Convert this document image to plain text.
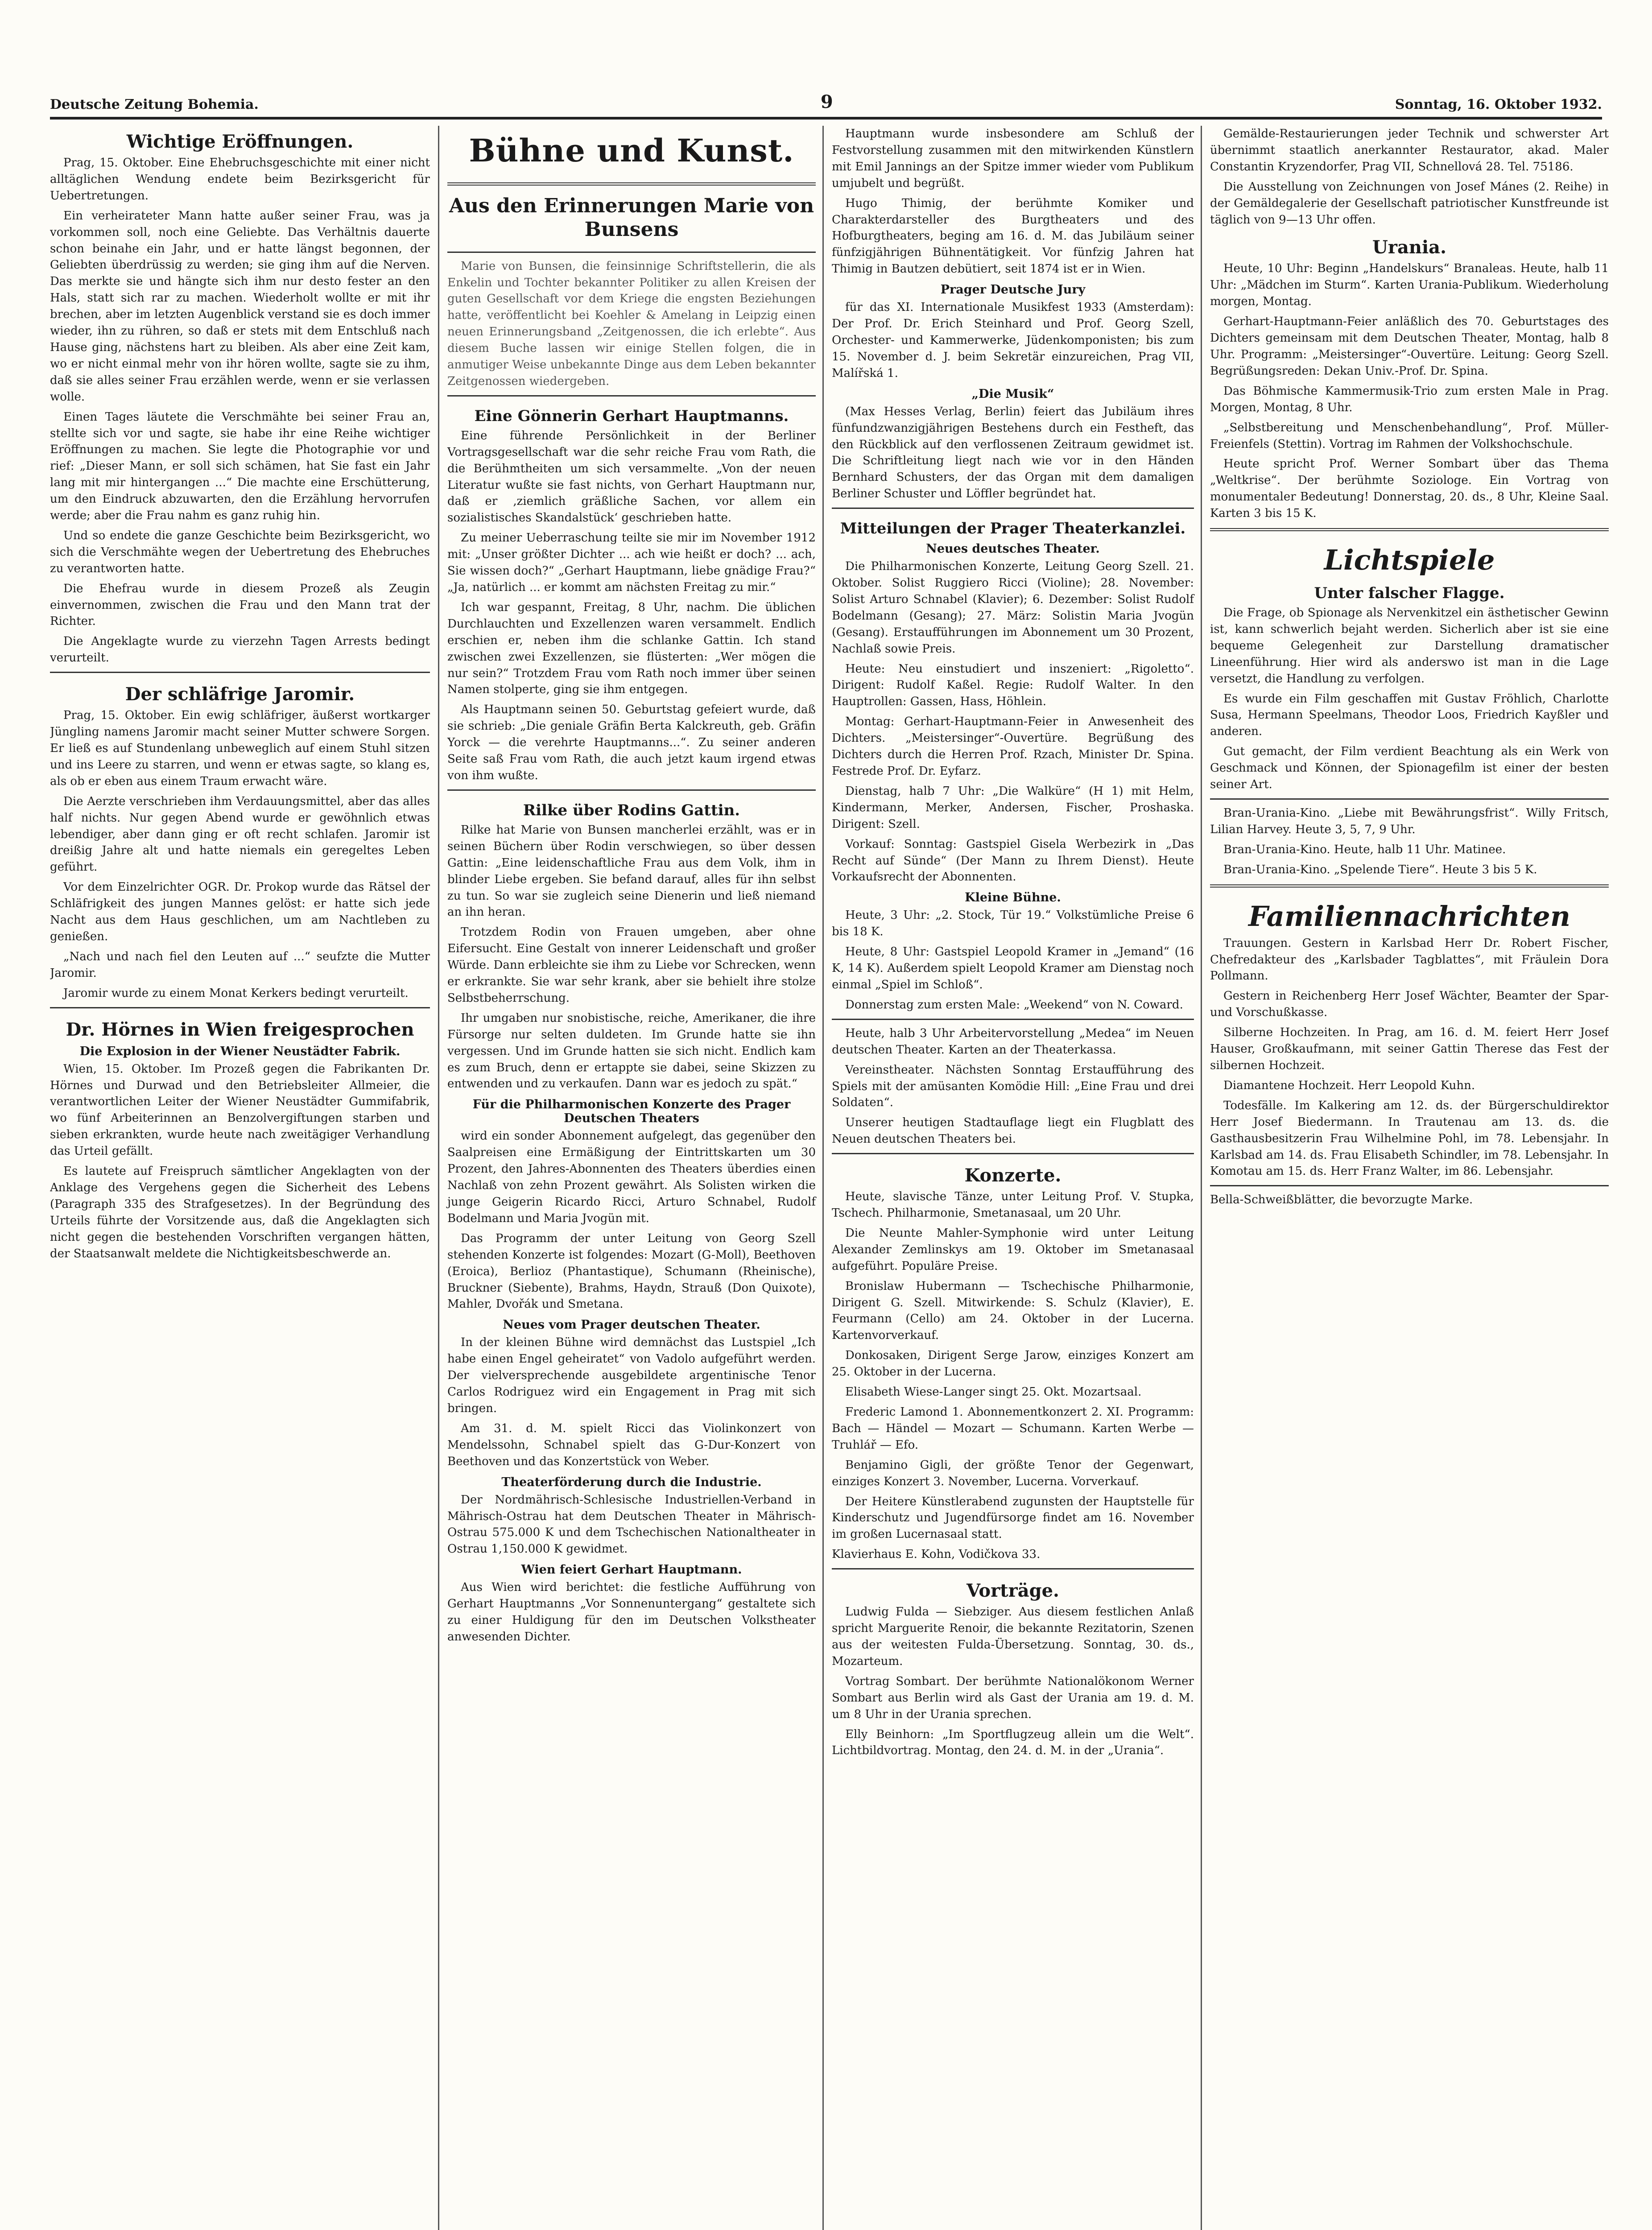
Deutsche Zeitung Bohemia.	9	Sonntag, 16. Oktober 1932.
Wichtige Eröffnungen.

Prag, 15. Oktober. Eine Ehebruchsgeschichte mit einer nicht alltäglichen Wendung endete beim Bezirksgericht für Uebertretungen.

Ein verheirateter Mann hatte außer seiner Frau, was ja vorkommen soll, noch eine Geliebte. Das Verhältnis dauerte schon beinahe ein Jahr, und er hatte längst begonnen, der Geliebten überdrüssig zu werden; sie ging ihm auf die Nerven. Das merkte sie und hängte sich ihm nur desto fester an den Hals, statt sich rar zu machen. Wiederholt wollte er mit ihr brechen, aber im letzten Augenblick verstand sie es doch immer wieder, ihn zu rühren, so daß er stets mit dem Entschluß nach Hause ging, nächstens hart zu bleiben. Als aber eine Zeit kam, wo er nicht einmal mehr von ihr hören wollte, sagte sie zu ihm, daß sie alles seiner Frau erzählen werde, wenn er sie verlassen wolle.

Einen Tages läutete die Verschmähte bei seiner Frau an, stellte sich vor und sagte, sie habe ihr eine Reihe wichtiger Eröffnungen zu machen. Sie legte die Photographie vor und rief: „Dieser Mann, er soll sich schämen, hat Sie fast ein Jahr lang mit mir hintergangen ...“ Die machte eine Erschütterung, um den Eindruck abzuwarten, den die Erzählung hervorrufen werde; aber die Frau nahm es ganz ruhig hin.

Und so endete die ganze Geschichte beim Bezirksgericht, wo sich die Verschmähte wegen der Uebertretung des Ehebruches zu verantworten hatte.

Die Ehefrau wurde in diesem Prozeß als Zeugin einvernommen, zwischen die Frau und den Mann trat der Richter.

Die Angeklagte wurde zu vierzehn Tagen Arrests bedingt verurteilt.

Der schläfrige Jaromir.

Prag, 15. Oktober. Ein ewig schläfriger, äußerst wortkarger Jüngling namens Jaromir macht seiner Mutter schwere Sorgen. Er ließ es auf Stundenlang unbeweglich auf einem Stuhl sitzen und ins Leere zu starren, und wenn er etwas sagte, so klang es, als ob er eben aus einem Traum erwacht wäre.

Die Aerzte verschrieben ihm Verdauungsmittel, aber das alles half nichts. Nur gegen Abend wurde er gewöhnlich etwas lebendiger, aber dann ging er oft recht schlafen. Jaromir ist dreißig Jahre alt und hatte niemals ein geregeltes Leben geführt.

Vor dem Einzelrichter OGR. Dr. Prokop wurde das Rätsel der Schläfrigkeit des jungen Mannes gelöst: er hatte sich jede Nacht aus dem Haus geschlichen, um am Nachtleben zu genießen.

„Nach und nach fiel den Leuten auf ...“ seufzte die Mutter Jaromir.

Jaromir wurde zu einem Monat Kerkers bedingt verurteilt.

Dr. Hörnes in Wien freigesprochen
Die Explosion in der Wiener Neustädter Fabrik.

Wien, 15. Oktober. Im Prozeß gegen die Fabrikanten Dr. Hörnes und Durwad und den Betriebsleiter Allmeier, die verantwortlichen Leiter der Wiener Neustädter Gummifabrik, wo fünf Arbeiterinnen an Benzolvergiftungen starben und sieben erkrankten, wurde heute nach zweitägiger Verhandlung das Urteil gefällt.

Es lautete auf Freispruch sämtlicher Angeklagten von der Anklage des Vergehens gegen die Sicherheit des Lebens (Paragraph 335 des Strafgesetzes). In der Begründung des Urteils führte der Vorsitzende aus, daß die Angeklagten sich nicht gegen die bestehenden Vorschriften vergangen hätten, der Staatsanwalt meldete die Nichtigkeitsbeschwerde an.

Bühne und Kunst.
Aus den Erinnerungen Marie von Bunsens

Marie von Bunsen, die feinsinnige Schriftstellerin, die als Enkelin und Tochter bekannter Politiker zu allen Kreisen der guten Gesellschaft vor dem Kriege die engsten Beziehungen hatte, veröffentlicht bei Koehler & Amelang in Leipzig einen neuen Erinnerungsband „Zeitgenossen, die ich erlebte“. Aus diesem Buche lassen wir einige Stellen folgen, die in anmutiger Weise unbekannte Dinge aus dem Leben bekannter Zeitgenossen wiedergeben.

Eine Gönnerin Gerhart Hauptmanns.

Eine führende Persönlichkeit in der Berliner Vortragsgesellschaft war die sehr reiche Frau vom Rath, die die Berühmtheiten um sich versammelte. „Von der neuen Literatur wußte sie fast nichts, von Gerhart Hauptmann nur, daß er ‚ziemlich gräßliche Sachen, vor allem ein sozialistisches Skandalstück‘ geschrieben hatte.

Zu meiner Ueberraschung teilte sie mir im November 1912 mit: „Unser größter Dichter ... ach wie heißt er doch? ... ach, Sie wissen doch?“ „Gerhart Hauptmann, liebe gnädige Frau?“ „Ja, natürlich ... er kommt am nächsten Freitag zu mir.“

Ich war gespannt, Freitag, 8 Uhr, nachm. Die üblichen Durchlauchten und Exzellenzen waren versammelt. Endlich erschien er, neben ihm die schlanke Gattin. Ich stand zwischen zwei Exzellenzen, sie flüsterten: „Wer mögen die nur sein?“ Trotzdem Frau vom Rath noch immer über seinen Namen stolperte, ging sie ihm entgegen.

Als Hauptmann seinen 50. Geburtstag gefeiert wurde, daß sie schrieb: „Die geniale Gräfin Berta Kalckreuth, geb. Gräfin Yorck — die verehrte Hauptmanns...“. Zu seiner anderen Seite saß Frau vom Rath, die auch jetzt kaum irgend etwas von ihm wußte.

Rilke über Rodins Gattin.

Rilke hat Marie von Bunsen mancherlei erzählt, was er in seinen Büchern über Rodin verschwiegen, so über dessen Gattin: „Eine leidenschaftliche Frau aus dem Volk, ihm in blinder Liebe ergeben. Sie befand darauf, alles für ihn selbst zu tun. So war sie zugleich seine Dienerin und ließ niemand an ihn heran.

Trotzdem Rodin von Frauen umgeben, aber ohne Eifersucht. Eine Gestalt von innerer Leidenschaft und großer Würde. Dann erbleichte sie ihm zu Liebe vor Schrecken, wenn er erkrankte. Sie war sehr krank, aber sie behielt ihre stolze Selbstbeherrschung.

Ihr umgaben nur snobistische, reiche, Amerikaner, die ihre Fürsorge nur selten duldeten. Im Grunde hatte sie ihn vergessen. Und im Grunde hatten sie sich nicht. Endlich kam es zum Bruch, denn er ertappte sie dabei, seine Skizzen zu entwenden und zu verkaufen. Dann war es jedoch zu spät.“

Für die Philharmonischen Konzerte des Prager Deutschen Theaters

wird ein sonder Abonnement aufgelegt, das gegenüber den Saalpreisen eine Ermäßigung der Eintrittskarten um 30 Prozent, den Jahres-Abonnenten des Theaters überdies einen Nachlaß von zehn Prozent gewährt. Als Solisten wirken die junge Geigerin Ricardo Ricci, Arturo Schnabel, Rudolf Bodelmann und Maria Jvogün mit.

Das Programm der unter Leitung von Georg Szell stehenden Konzerte ist folgendes: Mozart (G-Moll), Beethoven (Eroica), Berlioz (Phantastique), Schumann (Rheinische), Bruckner (Siebente), Brahms, Haydn, Strauß (Don Quixote), Mahler, Dvořák und Smetana.

Neues vom Prager deutschen Theater.

In der kleinen Bühne wird demnächst das Lustspiel „Ich habe einen Engel geheiratet“ von Vadolo aufgeführt werden. Der vielversprechende ausgebildete argentinische Tenor Carlos Rodriguez wird ein Engagement in Prag mit sich bringen.

Am 31. d. M. spielt Ricci das Violinkonzert von Mendelssohn, Schnabel spielt das G-Dur-Konzert von Beethoven und das Konzertstück von Weber.

Theaterförderung durch die Industrie.

Der Nordmährisch-Schlesische Industriellen-Verband in Mährisch-Ostrau hat dem Deutschen Theater in Mährisch-Ostrau 575.000 K und dem Tschechischen Nationaltheater in Ostrau 1,150.000 K gewidmet.

Wien feiert Gerhart Hauptmann.

Aus Wien wird berichtet: die festliche Aufführung von Gerhart Hauptmanns „Vor Sonnenuntergang“ gestaltete sich zu einer Huldigung für den im Deutschen Volkstheater anwesenden Dichter.

Hauptmann wurde insbesondere am Schluß der Festvorstellung zusammen mit den mitwirkenden Künstlern mit Emil Jannings an der Spitze immer wieder vom Publikum umjubelt und begrüßt.

Hugo Thimig, der berühmte Komiker und Charakterdarsteller des Burgtheaters und des Hofburgtheaters, beging am 16. d. M. das Jubiläum seiner fünfzigjährigen Bühnentätigkeit. Vor fünfzig Jahren hat Thimig in Bautzen debütiert, seit 1874 ist er in Wien.

Prager Deutsche Jury

für das XI. Internationale Musikfest 1933 (Amsterdam): Der Prof. Dr. Erich Steinhard und Prof. Georg Szell, Orchester- und Kammerwerke, Jüdenkomponisten; bis zum 15. November d. J. beim Sekretär einzureichen, Prag VII, Malířská 1.

„Die Musik“

(Max Hesses Verlag, Berlin) feiert das Jubiläum ihres fünfundzwanzigjährigen Bestehens durch ein Festheft, das den Rückblick auf den verflossenen Zeitraum gewidmet ist. Die Schriftleitung liegt nach wie vor in den Händen Bernhard Schusters, der das Organ mit dem damaligen Berliner Schuster und Löffler begründet hat.

Mitteilungen der Prager Theaterkanzlei.
Neues deutsches Theater.

Die Philharmonischen Konzerte, Leitung Georg Szell. 21. Oktober. Solist Ruggiero Ricci (Violine); 28. November: Solist Arturo Schnabel (Klavier); 6. Dezember: Solist Rudolf Bodelmann (Gesang); 27. März: Solistin Maria Jvogün (Gesang). Erstaufführungen im Abonnement um 30 Prozent, Nachlaß sowie Preis.

Heute: Neu einstudiert und inszeniert: „Rigoletto“. Dirigent: Rudolf Kaßel. Regie: Rudolf Walter. In den Hauptrollen: Gassen, Hass, Höhlein.

Montag: Gerhart-Hauptmann-Feier in Anwesenheit des Dichters. „Meistersinger“-Ouvertüre. Begrüßung des Dichters durch die Herren Prof. Rzach, Minister Dr. Spina. Festrede Prof. Dr. Eyfarz.

Dienstag, halb 7 Uhr: „Die Walküre“ (H 1) mit Helm, Kindermann, Merker, Andersen, Fischer, Proshaska. Dirigent: Szell.

Vorkauf: Sonntag: Gastspiel Gisela Werbezirk in „Das Recht auf Sünde“ (Der Mann zu Ihrem Dienst). Heute Vorkaufsrecht der Abonnenten.

Kleine Bühne.

Heute, 3 Uhr: „2. Stock, Tür 19.“ Volkstümliche Preise 6 bis 18 K.

Heute, 8 Uhr: Gastspiel Leopold Kramer in „Jemand“ (16 K, 14 K). Außerdem spielt Leopold Kramer am Dienstag noch einmal „Spiel im Schloß“.

Donnerstag zum ersten Male: „Weekend“ von N. Coward.

Heute, halb 3 Uhr Arbeitervorstellung „Medea“ im Neuen deutschen Theater. Karten an der Theaterkassa.

Vereinstheater. Nächsten Sonntag Erstaufführung des Spiels mit der amüsanten Komödie Hill: „Eine Frau und drei Soldaten“.

Unserer heutigen Stadtauflage liegt ein Flugblatt des Neuen deutschen Theaters bei.

Konzerte.

Heute, slavische Tänze, unter Leitung Prof. V. Stupka, Tschech. Philharmonie, Smetanasaal, um 20 Uhr.

Die Neunte Mahler-Symphonie wird unter Leitung Alexander Zemlinskys am 19. Oktober im Smetanasaal aufgeführt. Populäre Preise.

Bronislaw Hubermann — Tschechische Philharmonie, Dirigent G. Szell. Mitwirkende: S. Schulz (Klavier), E. Feurmann (Cello) am 24. Oktober in der Lucerna. Kartenvorverkauf.

Donkosaken, Dirigent Serge Jarow, einziges Konzert am 25. Oktober in der Lucerna.

Elisabeth Wiese-Langer singt 25. Okt. Mozartsaal.

Frederic Lamond 1. Abonnementkonzert 2. XI. Programm: Bach — Händel — Mozart — Schumann. Karten Werbe — Truhlář — Efo.

Benjamino Gigli, der größte Tenor der Gegenwart, einziges Konzert 3. November, Lucerna. Vorverkauf.

Der Heitere Künstlerabend zugunsten der Hauptstelle für Kinderschutz und Jugendfürsorge findet am 16. November im großen Lucernasaal statt.

Klavierhaus E. Kohn, Vodičkova 33.

Vorträge.

Ludwig Fulda — Siebziger. Aus diesem festlichen Anlaß spricht Marguerite Renoir, die bekannte Rezitatorin, Szenen aus der weitesten Fulda-Übersetzung. Sonntag, 30. ds., Mozarteum.

Vortrag Sombart. Der berühmte Nationalökonom Werner Sombart aus Berlin wird als Gast der Urania am 19. d. M. um 8 Uhr in der Urania sprechen.

Elly Beinhorn: „Im Sportflugzeug allein um die Welt“. Lichtbildvortrag. Montag, den 24. d. M. in der „Urania“.

Gemälde-Restaurierungen jeder Technik und schwerster Art übernimmt staatlich anerkannter Restaurator, akad. Maler Constantin Kryzendorfer, Prag VII, Schnellová 28. Tel. 75186.

Die Ausstellung von Zeichnungen von Josef Mánes (2. Reihe) in der Gemäldegalerie der Gesellschaft patriotischer Kunstfreunde ist täglich von 9—13 Uhr offen.

Urania.

Heute, 10 Uhr: Beginn „Handelskurs“ Branaleas. Heute, halb 11 Uhr: „Mädchen im Sturm“. Karten Urania-Publikum. Wiederholung morgen, Montag.

Gerhart-Hauptmann-Feier anläßlich des 70. Geburtstages des Dichters gemeinsam mit dem Deutschen Theater, Montag, halb 8 Uhr. Programm: „Meistersinger“-Ouvertüre. Leitung: Georg Szell. Begrüßungsreden: Dekan Univ.-Prof. Dr. Spina.

Das Böhmische Kammermusik-Trio zum ersten Male in Prag. Morgen, Montag, 8 Uhr.

„Selbstbereitung und Menschenbehandlung“, Prof. Müller-Freienfels (Stettin). Vortrag im Rahmen der Volkshochschule.

Heute spricht Prof. Werner Sombart über das Thema „Weltkrise“. Der berühmte Soziologe. Ein Vortrag von monumentaler Bedeutung! Donnerstag, 20. ds., 8 Uhr, Kleine Saal. Karten 3 bis 15 K.

Lichtspiele
Unter falscher Flagge.

Die Frage, ob Spionage als Nervenkitzel ein ästhetischer Gewinn ist, kann schwerlich bejaht werden. Sicherlich aber ist sie eine bequeme Gelegenheit zur Darstellung dramatischer Lineenführung. Hier wird als anderswo ist man in die Lage versetzt, die Handlung zu verfolgen.

Es wurde ein Film geschaffen mit Gustav Fröhlich, Charlotte Susa, Hermann Speelmans, Theodor Loos, Friedrich Kayßler und anderen.

Gut gemacht, der Film verdient Beachtung als ein Werk von Geschmack und Können, der Spionagefilm ist einer der besten seiner Art.

Bran-Urania-Kino. „Liebe mit Bewährungsfrist“. Willy Fritsch, Lilian Harvey. Heute 3, 5, 7, 9 Uhr.

Bran-Urania-Kino. Heute, halb 11 Uhr. Matinee.

Bran-Urania-Kino. „Spelende Tiere“. Heute 3 bis 5 K.

Familiennachrichten

Trauungen. Gestern in Karlsbad Herr Dr. Robert Fischer, Chefredakteur des „Karlsbader Tagblattes“, mit Fräulein Dora Pollmann.

Gestern in Reichenberg Herr Josef Wächter, Beamter der Spar- und Vorschußkasse.

Silberne Hochzeiten. In Prag, am 16. d. M. feiert Herr Josef Hauser, Großkaufmann, mit seiner Gattin Therese das Fest der silbernen Hochzeit.

Diamantene Hochzeit. Herr Leopold Kuhn.

Todesfälle. Im Kalkering am 12. ds. der Bürgerschuldirektor Herr Josef Biedermann. In Trautenau am 13. ds. die Gasthausbesitzerin Frau Wilhelmine Pohl, im 78. Lebensjahr. In Karlsbad am 14. ds. Frau Elisabeth Schindler, im 78. Lebensjahr. In Komotau am 15. ds. Herr Franz Walter, im 86. Lebensjahr.

Bella-Schweißblätter, die bevorzugte Marke.
